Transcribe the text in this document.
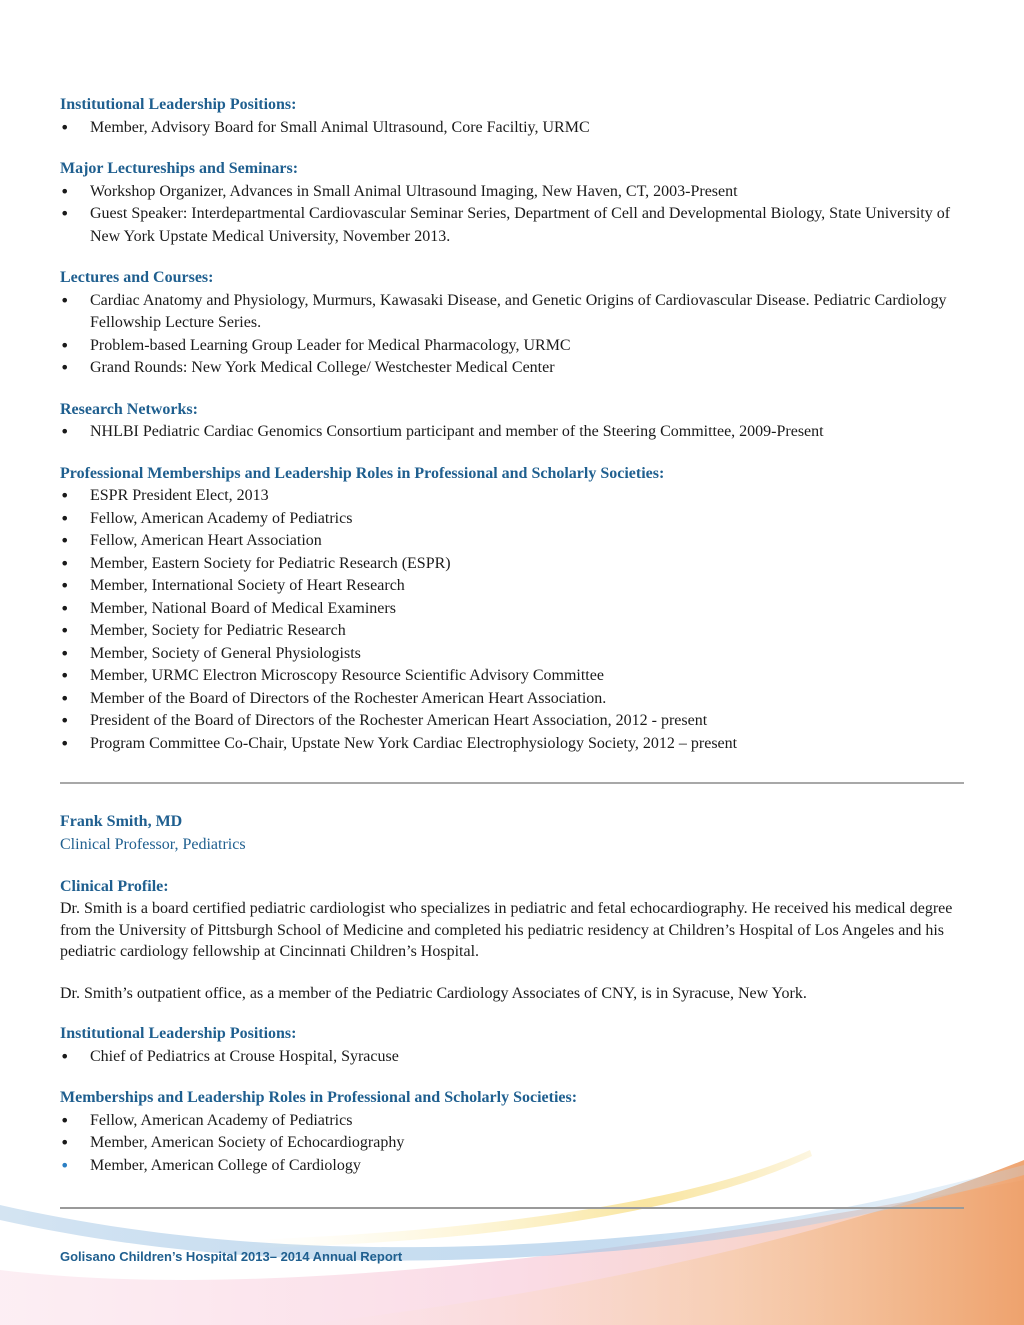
Institutional Leadership Positions:
• Member, Advisory Board for Small Animal Ultrasound, Core Faciltiy, URMC
Major Lectureships and Seminars:
• Workshop Organizer, Advances in Small Animal Ultrasound Imaging, New Haven, CT, 2003-Present
• Guest Speaker: Interdepartmental Cardiovascular Seminar Series, Department of Cell and Developmental Biology, State University of New York Upstate Medical University, November 2013.
Lectures and Courses:
• Cardiac Anatomy and Physiology, Murmurs, Kawasaki Disease, and Genetic Origins of Cardiovascular Disease. Pediatric Cardiology Fellowship Lecture Series.
• Problem-based Learning Group Leader for Medical Pharmacology, URMC
• Grand Rounds: New York Medical College/ Westchester Medical Center
Research Networks:
• NHLBI Pediatric Cardiac Genomics Consortium participant and member of the Steering Committee, 2009-Present
Professional Memberships and Leadership Roles in Professional and Scholarly Societies:
• ESPR President Elect, 2013
• Fellow, American Academy of Pediatrics
• Fellow, American Heart Association
• Member, Eastern Society for Pediatric Research (ESPR)
• Member, International Society of Heart Research
• Member, National Board of Medical Examiners
• Member, Society for Pediatric Research
• Member, Society of General Physiologists
• Member, URMC Electron Microscopy Resource Scientific Advisory Committee
• Member of the Board of Directors of the Rochester American Heart Association.
• President of the Board of Directors of the Rochester American Heart Association, 2012 - present
• Program Committee Co-Chair, Upstate New York Cardiac Electrophysiology Society, 2012 – present
Frank Smith, MD
Clinical Professor, Pediatrics
Clinical Profile:

Dr. Smith is a board certified pediatric cardiologist who specializes in pediatric and fetal echocardiography. He received his medical degree from the University of Pittsburgh School of Medicine and completed his pediatric residency at Children’s Hospital of Los Angeles and his pediatric cardiology fellowship at Cincinnati Children’s Hospital.

Dr. Smith’s outpatient office, as a member of the Pediatric Cardiology Associates of CNY, is in Syracuse, New York.

Institutional Leadership Positions:
• Chief of Pediatrics at Crouse Hospital, Syracuse
Memberships and Leadership Roles in Professional and Scholarly Societies:
• Fellow, American Academy of Pediatrics
• Member, American Society of Echocardiography
• Member, American College of Cardiology
Golisano Children’s Hospital 2013– 2014 Annual Report
